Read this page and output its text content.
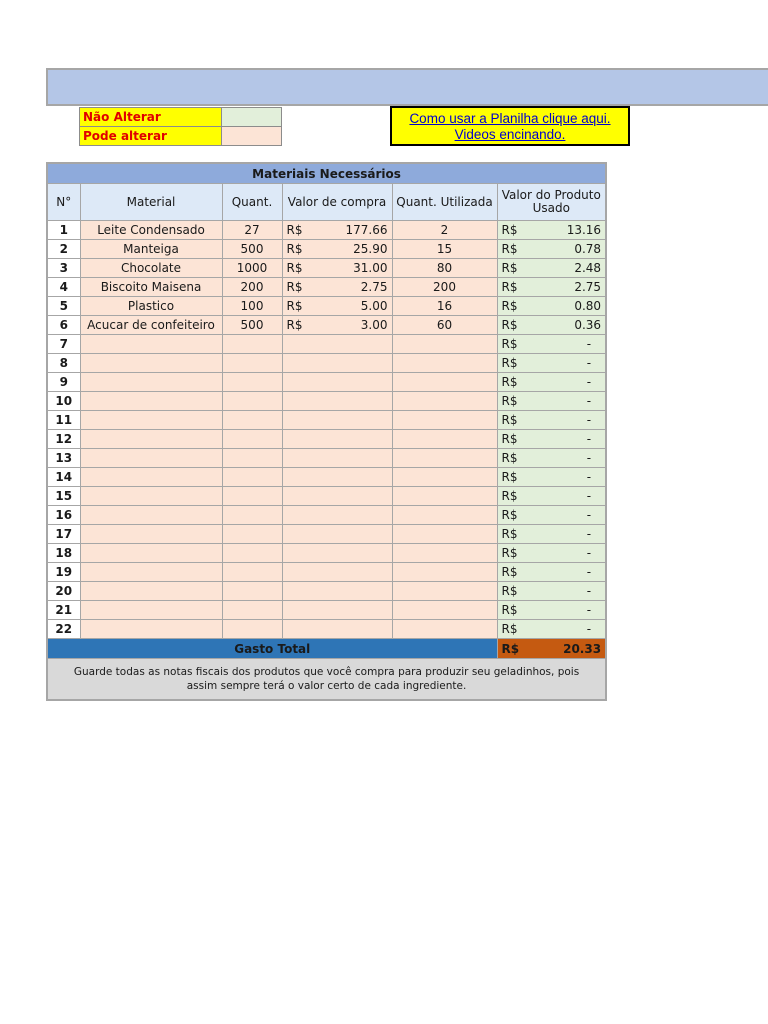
Não Alterar	
Pode alterar	
Como usar a Planilha clique aqui.
Videos encinando.
Materiais Necessários					
N°	Material	Quant.	Valor de compra	Quant. Utilizada	Valor do Produto Usado
1	Leite Condensado	27	R$ 177.66	2	R$ 13.16

2	Manteiga	500	R$ 25.90	15	R$ 0.78

3	Chocolate	1000	R$ 31.00	80	R$ 2.48

4	Biscoito Maisena	200	R$ 2.75	200	R$ 2.75

5	Plastico	100	R$ 5.00	16	R$ 0.80

6	Acucar de confeiteiro	500	R$ 3.00	60	R$ 0.36

7					R$ -

8					R$ -

9					R$ -

10					R$ -

11					R$ -

12					R$ -

13					R$ -

14					R$ -

15					R$ -

16					R$ -

17					R$ -

18					R$ -

19					R$ -

20					R$ -

21					R$ -

22					R$ -

Gasto Total					R$ 20.33

Guarde todas as notas fiscais dos produtos que você compra para produzir seu geladinhos, pois assim sempre terá o valor certo de cada ingrediente.					
